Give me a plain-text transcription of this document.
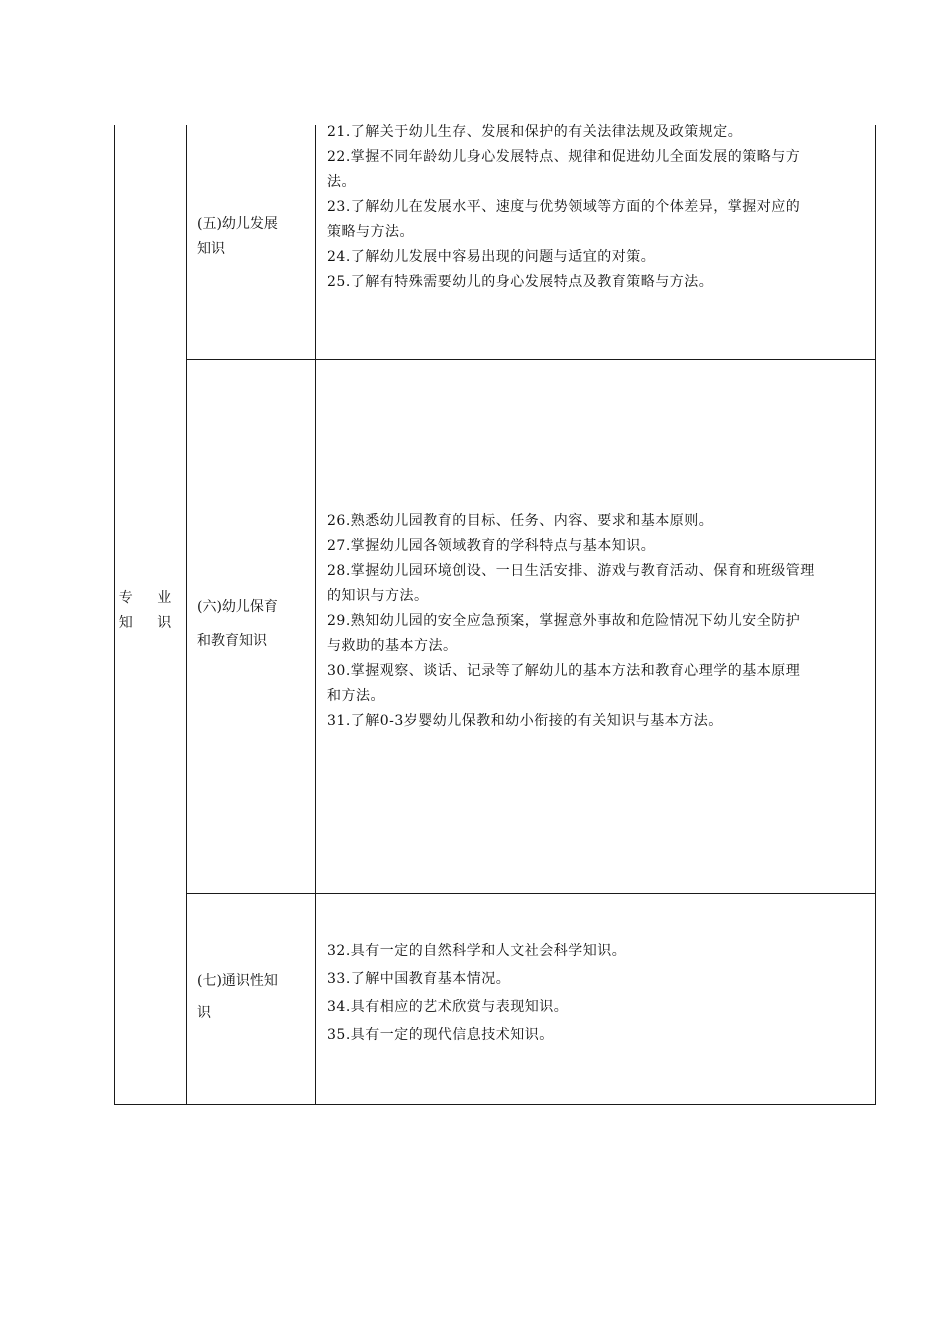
专 业
知 识
(五)幼儿发展
知识
21.了解关于幼儿生存、发展和保护的有关法律法规及政策规定。
22.掌握不同年龄幼儿身心发展特点、规律和促进幼儿全面发展的策略与方
法。
23.了解幼儿在发展水平、速度与优势领域等方面的个体差异，掌握对应的
策略与方法。
24.了解幼儿发展中容易出现的问题与适宜的对策。
25.了解有特殊需要幼儿的身心发展特点及教育策略与方法。
(六)幼儿保育
和教育知识
26.熟悉幼儿园教育的目标、任务、内容、要求和基本原则。
27.掌握幼儿园各领域教育的学科特点与基本知识。
28.掌握幼儿园环境创设、一日生活安排、游戏与教育活动、保育和班级管理
的知识与方法。
29.熟知幼儿园的安全应急预案，掌握意外事故和危险情况下幼儿安全防护
与救助的基本方法。
30.掌握观察、谈话、记录等了解幼儿的基本方法和教育心理学的基本原理
和方法。
31.了解0-3岁婴幼儿保教和幼小衔接的有关知识与基本方法。
(七)通识性知
识
32.具有一定的自然科学和人文社会科学知识。
33.了解中国教育基本情况。
34.具有相应的艺术欣赏与表现知识。
35.具有一定的现代信息技术知识。
